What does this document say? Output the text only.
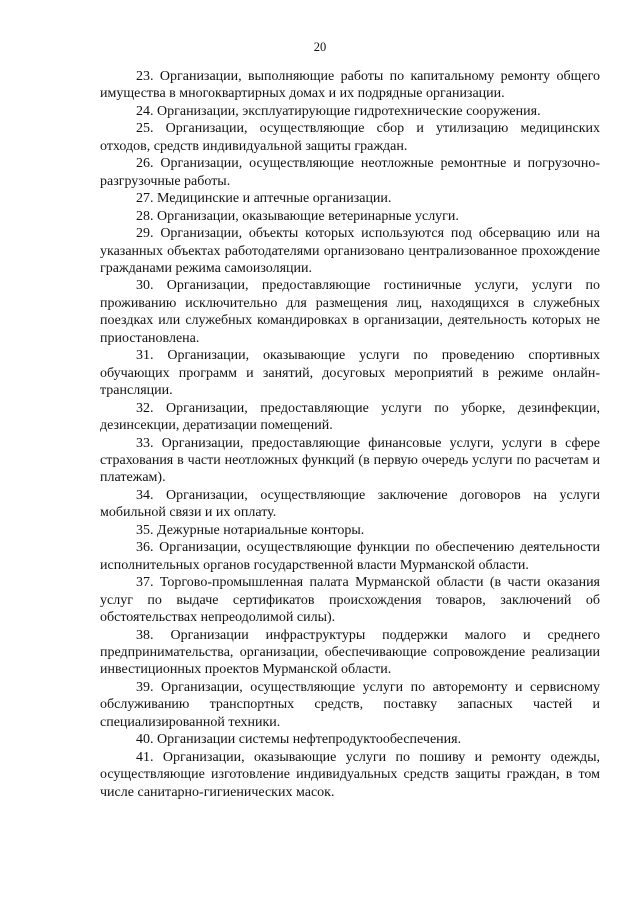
20

23. Организации, выполняющие работы по капитальному ремонту общего имущества в многоквартирных домах и их подрядные организации.

24. Организации, эксплуатирующие гидротехнические сооружения.

25. Организации, осуществляющие сбор и утилизацию медицинских отходов, средств индивидуальной защиты граждан.

26. Организации, осуществляющие неотложные ремонтные и погрузочно-разгрузочные работы.

27. Медицинские и аптечные организации.

28. Организации, оказывающие ветеринарные услуги.

29. Организации, объекты которых используются под обсервацию или на указанных объектах работодателями организовано централизованное прохождение гражданами режима самоизоляции.

30. Организации, предоставляющие гостиничные услуги, услуги по проживанию исключительно для размещения лиц, находящихся в служебных поездках или служебных командировках в организации, деятельность которых не приостановлена.

31. Организации, оказывающие услуги по проведению спортивных обучающих программ и занятий, досуговых мероприятий в режиме онлайн-трансляции.

32. Организации, предоставляющие услуги по уборке, дезинфекции, дезинсекции, дератизации помещений.

33. Организации, предоставляющие финансовые услуги, услуги в сфере страхования в части неотложных функций (в первую очередь услуги по расчетам и платежам).

34. Организации, осуществляющие заключение договоров на услуги мобильной связи и их оплату.

35. Дежурные нотариальные конторы.

36. Организации, осуществляющие функции по обеспечению деятельности исполнительных органов государственной власти Мурманской области.

37. Торгово-промышленная палата Мурманской области (в части оказания услуг по выдаче сертификатов происхождения товаров, заключений об обстоятельствах непреодолимой силы).

38. Организации инфраструктуры поддержки малого и среднего предпринимательства, организации, обеспечивающие сопровождение реализации инвестиционных проектов Мурманской области.

39. Организации, осуществляющие услуги по авторемонту и сервисному обслуживанию транспортных средств, поставку запасных частей и специализированной техники.

40. Организации системы нефтепродуктообеспечения.

41. Организации, оказывающие услуги по пошиву и ремонту одежды, осуществляющие изготовление индивидуальных средств защиты граждан, в том числе санитарно-гигиенических масок.
